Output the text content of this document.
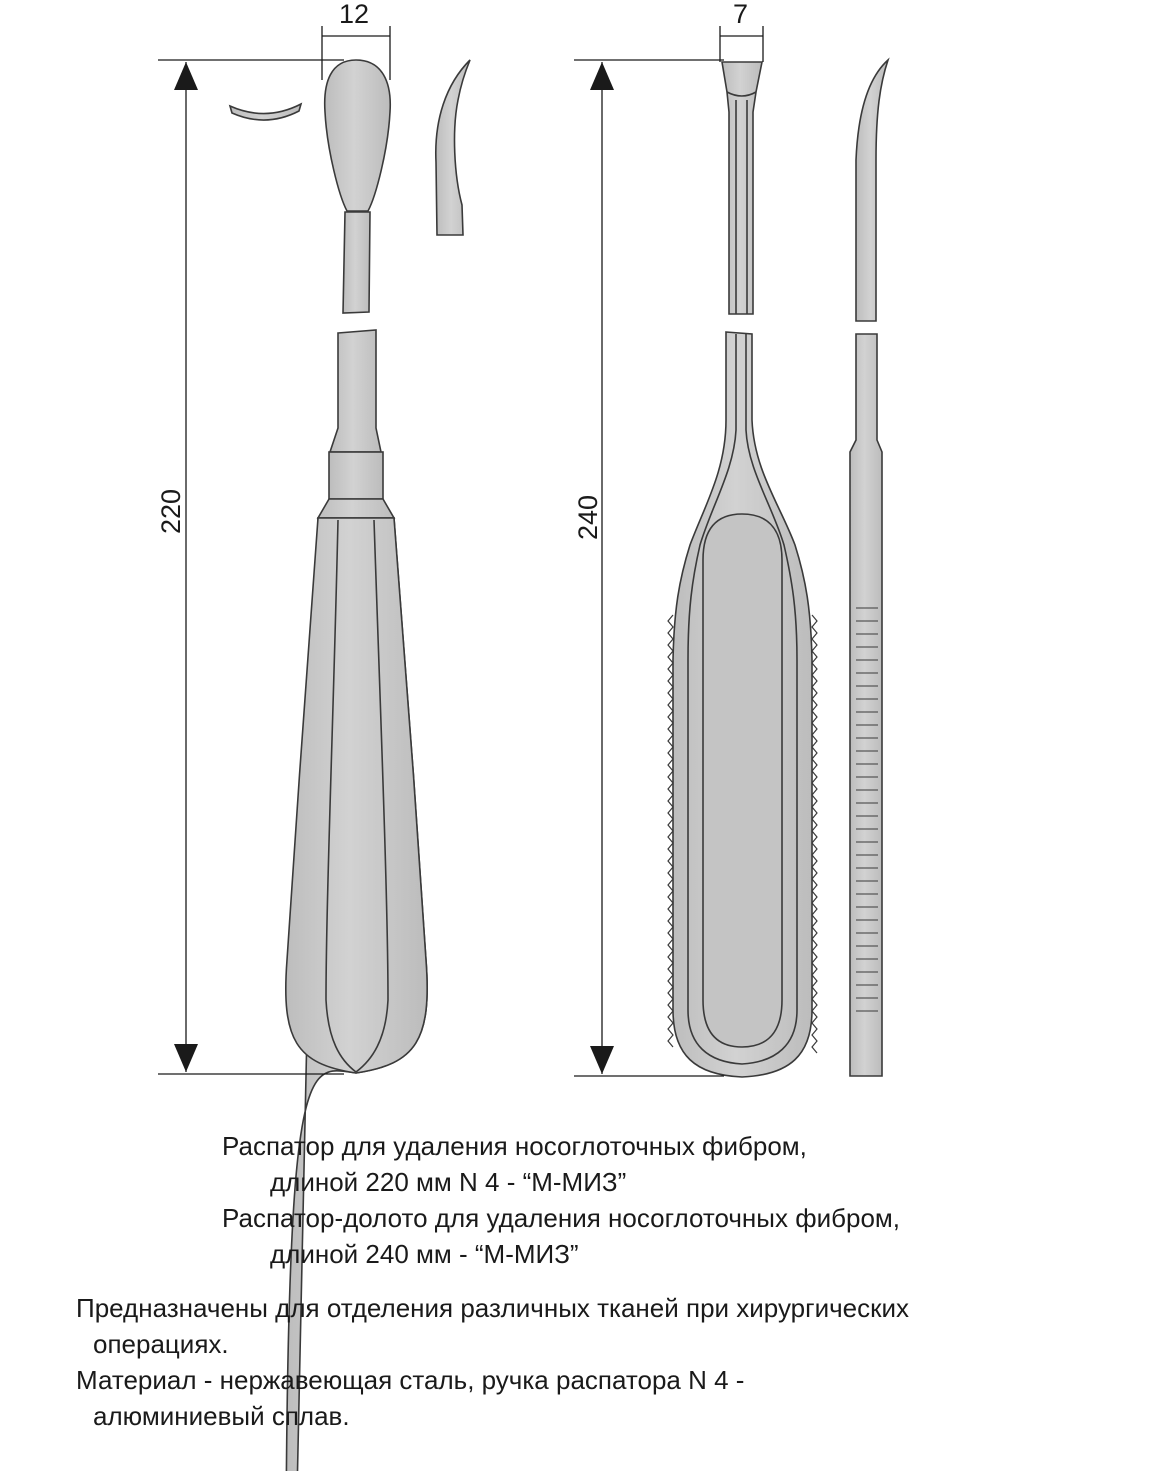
12
220
7
240
Распатор для удаления носоглоточных фибром,
длиной 220 мм N 4 - “М-МИЗ”
Распатор-долото для удаления носоглоточных фибром,
длиной 240 мм - “М-МИЗ”
Предназначены для отделения различных тканей при хирургических
операциях.
Материал - нержавеющая сталь, ручка распатора N 4 -
алюминиевый сплав.
